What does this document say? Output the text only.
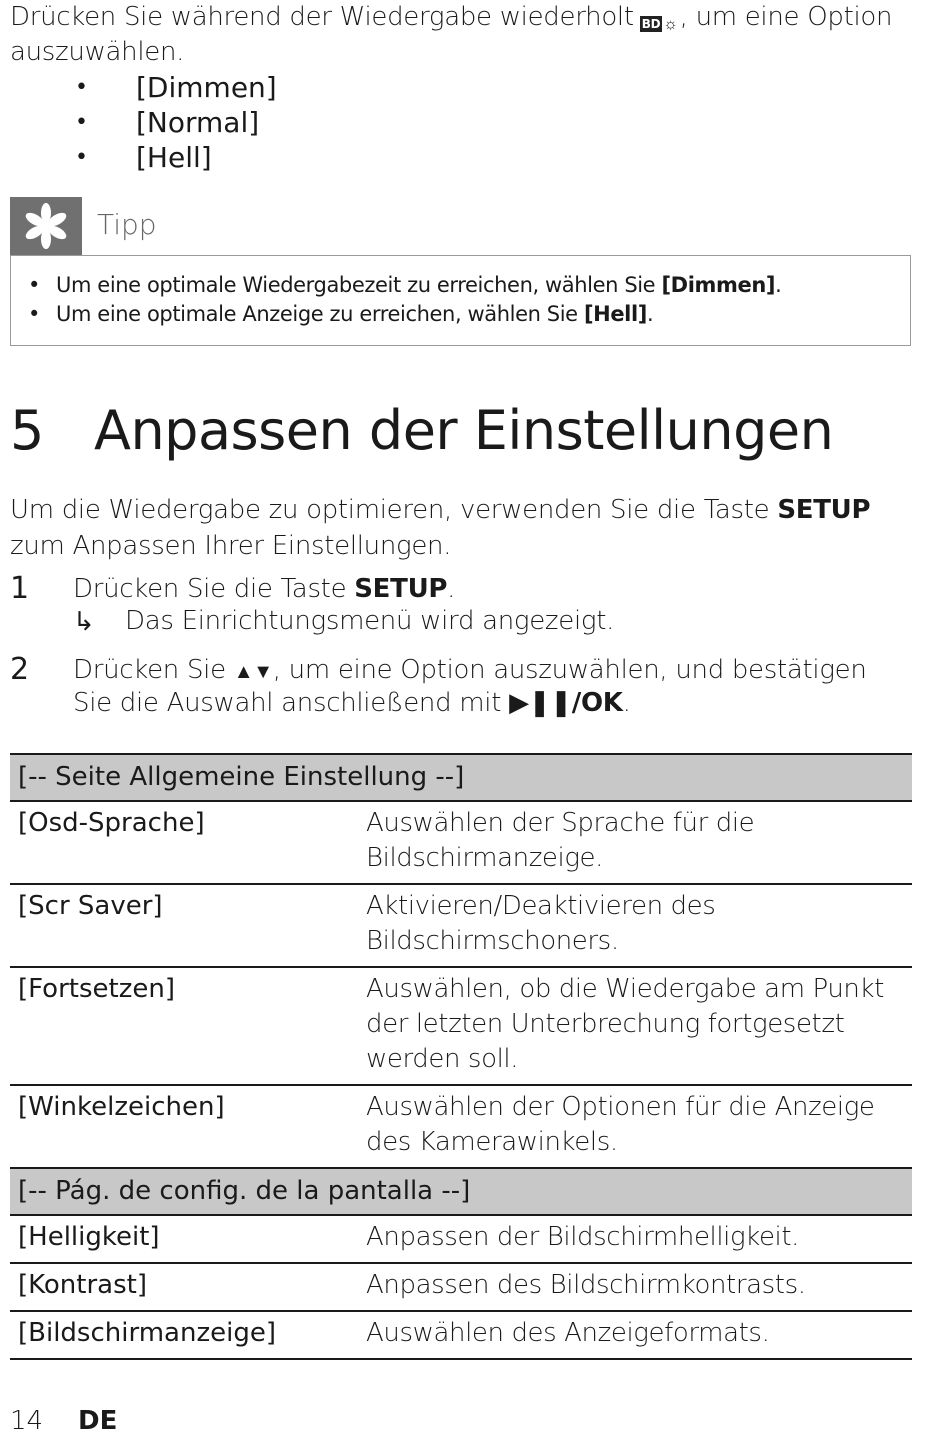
Drücken Sie während der Wiedergabe wiederholt BD ☼ , um eine Option auszuwählen.
• [Dimmen]
• [Normal]
• [Hell]
Tipp
• Um eine optimale Wiedergabezeit zu erreichen, wählen Sie [Dimmen].
• Um eine optimale Anzeige zu erreichen, wählen Sie [Hell].
5 Anpassen der Einstellungen
Um die Wiedergabe zu optimieren, verwenden Sie die Taste SETUP zum Anpassen Ihrer Einstellungen.
1 Drücken Sie die Taste SETUP.
↳	Das Einrichtungsmenü wird angezeigt.
2 Drücken Sie ▲▼, um eine Option auszuwählen, und bestätigen Sie die Auswahl anschließend mit ▶❚❚/OK.
[-- Seite Allgemeine Einstellung --]	
[Osd-Sprache]	Auswählen der Sprache für die Bildschirmanzeige.
[Scr Saver]	Aktivieren/Deaktivieren des Bildschirmschoners.
[Fortsetzen]	Auswählen, ob die Wiedergabe am Punkt der letzten Unterbrechung fortgesetzt werden soll.
[Winkelzeichen]	Auswählen der Optionen für die Anzeige des Kamerawinkels.
[-- Pág. de config. de la pantalla --]	
[Helligkeit]	Anpassen der Bildschirmhelligkeit.
[Kontrast]	Anpassen des Bildschirmkontrasts.
[Bildschirmanzeige]	Auswählen des Anzeigeformats.
14 DE
